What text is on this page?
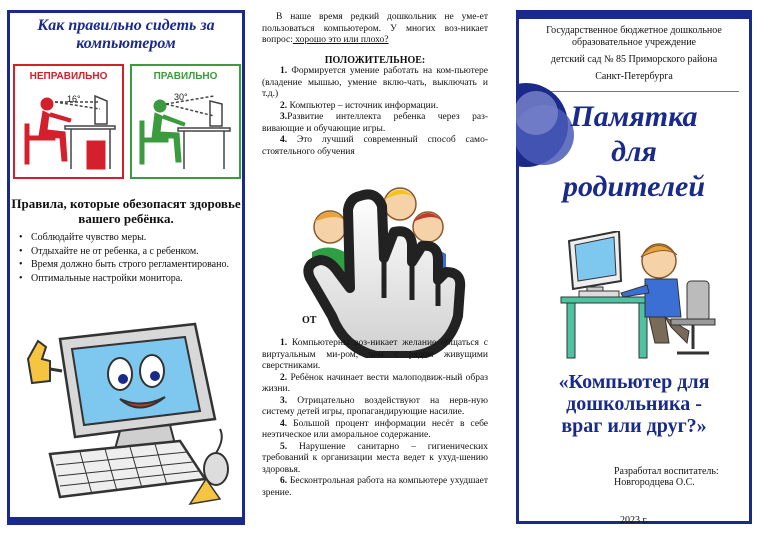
Как правильно сидеть за компьютером
НЕПРАВИЛЬНО
16°
ПРАВИЛЬНО
30°
Правила, которые обезопасят здоровье вашего ребёнка.
• Соблюдайте чувство меры.
• Отдыхайте не от ребенка, а с ребенком.
• Время должно быть строго регламентировано.
• Оптимальные настройки монитора.

В наше время редкий дошкольник не уме-ет пользоваться компьютером. У многих воз-никает вопрос: хорошо это или плохо?

ПОЛОЖИТЕЛЬНОЕ:

1. Формируется умение работать на ком-пьютере (владение мышью, умение вклю-чать, выключать и т.д.)

2. Компьютер – источник информации.

3.Развитие интеллекта ребенка через раз-вивающие и обучающие игры.

4. Это лучший современный способ само-стоятельного обучения

ОТ

1. Компьютерны воз-никает желание общаться с виртуальным ми-ром, чем с рядом живущими сверстниками.

2. Ребёнок начинает вести малоподвиж-ный образ жизни.

3. Отрицательно воздействуют на нерв-ную систему детей игры, пропагандирующие насилие.

4. Большой процент информации несёт в себе неэтическое или аморальное содержание.

5. Нарушение санитарно – гигиенических требований к организации места ведет к ухуд-шению здоровья.

6. Бесконтрольная работа на компьютере ухудшает зрение.

Государственное бюджетное дошкольное
образовательное учреждение
детский сад № 85 Приморского района
Санкт-Петербурга
Памятка
для
родителей
«Компьютер для
дошкольника -
враг или друг?»
Разработал воспитатель:
Новгородцева О.С.
2023 г.
